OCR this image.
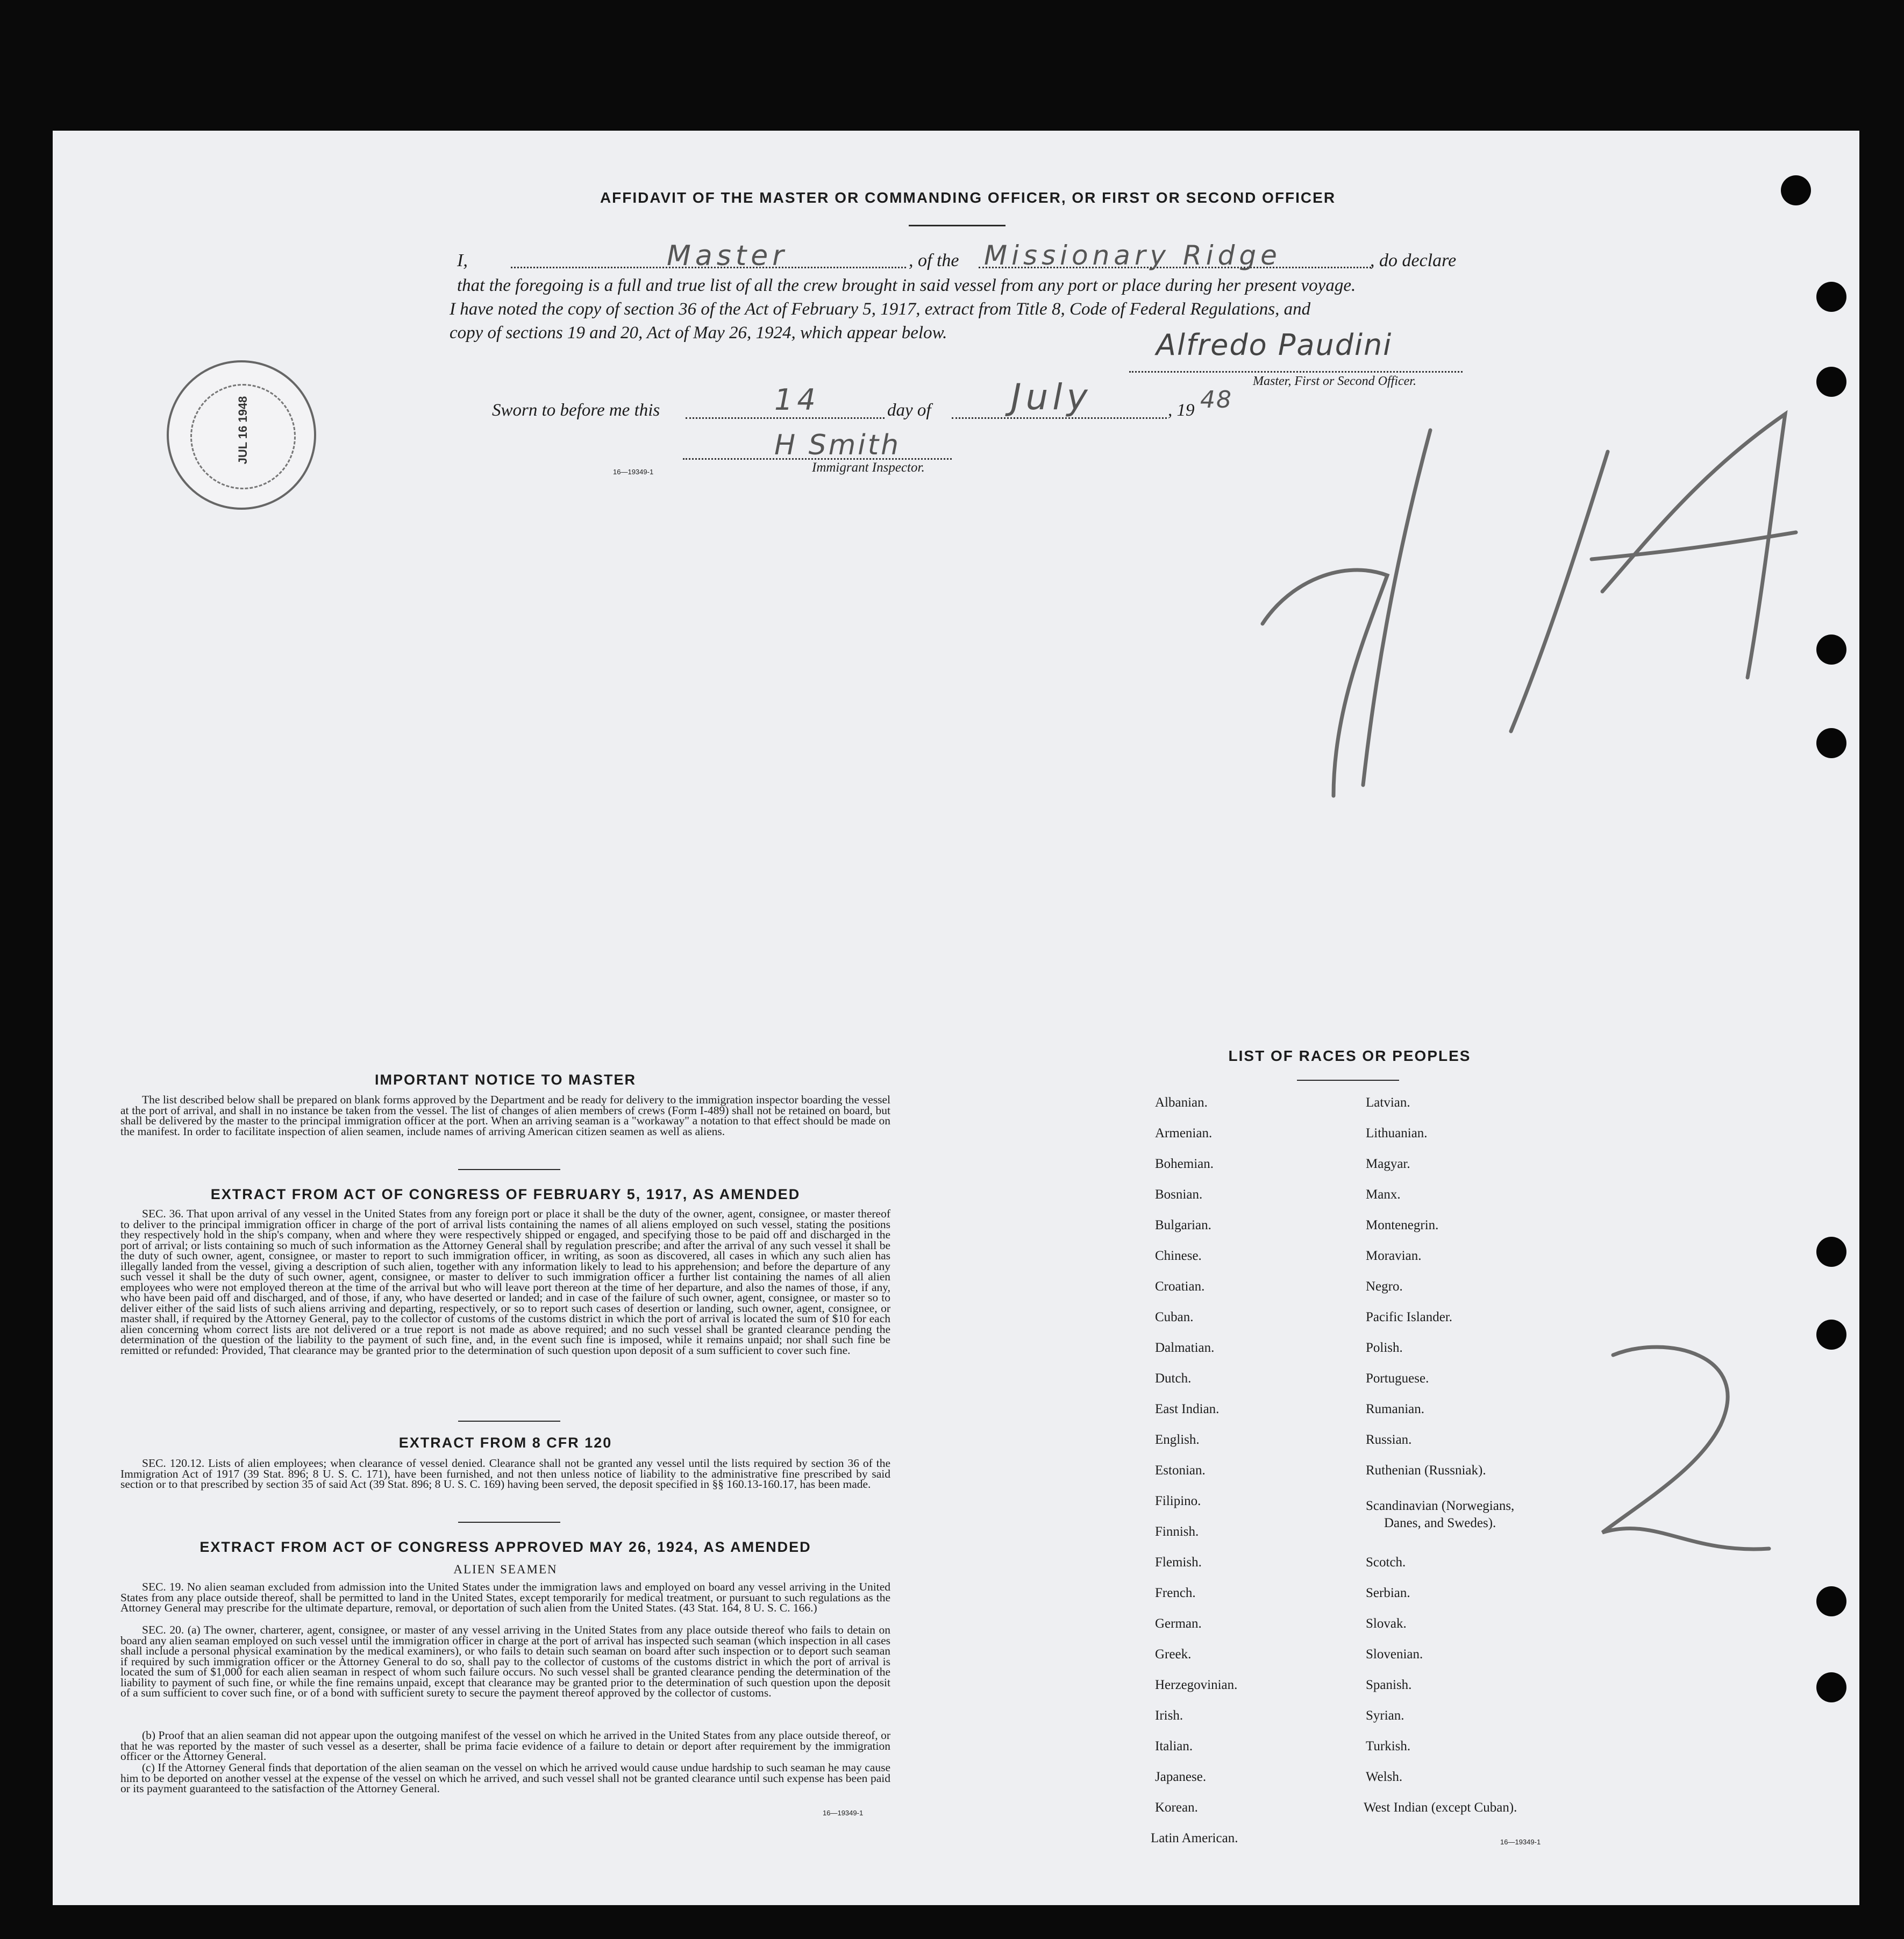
AFFIDAVIT OF THE MASTER OR COMMANDING OFFICER, OR FIRST OR SECOND OFFICER
I,	Master	, of the Missionary Ridge	, do declare
that the foregoing is a full and true list of all the crew brought in said vessel from any port or place during her present voyage.
I have noted the copy of section 36 of the Act of February 5, 1917, extract from Title 8, Code of Federal Regulations, and
copy of sections 19 and 20, Act of May 26, 1924, which appear below.	Alfredo Paudini
Master, First or Second Officer.
Sworn to before me this	14	day of July	, 19 48
H Smith
Immigrant Inspector.
16—19349-1
JUL 16 1948
IMPORTANT NOTICE TO MASTER
The list described below shall be prepared on blank forms approved by the Department and be ready for delivery to the immigration inspector boarding the vessel at the port of arrival, and shall in no instance be taken from the vessel. The list of changes of alien members of crews (Form I-489) shall not be retained on board, but shall be delivered by the master to the principal immigration officer at the port. When an arriving seaman is a "workaway" a notation to that effect should be made on the manifest. In order to facilitate inspection of alien seamen, include names of arriving American citizen seamen as well as aliens.
EXTRACT FROM ACT OF CONGRESS OF FEBRUARY 5, 1917, AS AMENDED
SEC. 36. That upon arrival of any vessel in the United States from any foreign port or place it shall be the duty of the owner, agent, consignee, or master thereof to deliver to the principal immigration officer in charge of the port of arrival lists containing the names of all aliens employed on such vessel, stating the positions they respectively hold in the ship's company, when and where they were respectively shipped or engaged, and specifying those to be paid off and discharged in the port of arrival; or lists containing so much of such information as the Attorney General shall by regulation prescribe; and after the arrival of any such vessel it shall be the duty of such owner, agent, consignee, or master to report to such immigration officer, in writing, as soon as discovered, all cases in which any such alien has illegally landed from the vessel, giving a description of such alien, together with any information likely to lead to his apprehension; and before the departure of any such vessel it shall be the duty of such owner, agent, consignee, or master to deliver to such immigration officer a further list containing the names of all alien employees who were not employed thereon at the time of the arrival but who will leave port thereon at the time of her departure, and also the names of those, if any, who have been paid off and discharged, and of those, if any, who have deserted or landed; and in case of the failure of such owner, agent, consignee, or master so to deliver either of the said lists of such aliens arriving and departing, respectively, or so to report such cases of desertion or landing, such owner, agent, consignee, or master shall, if required by the Attorney General, pay to the collector of customs of the customs district in which the port of arrival is located the sum of $10 for each alien concerning whom correct lists are not delivered or a true report is not made as above required; and no such vessel shall be granted clearance pending the determination of the question of the liability to the payment of such fine, and, in the event such fine is imposed, while it remains unpaid; nor shall such fine be remitted or refunded: Provided, That clearance may be granted prior to the determination of such question upon deposit of a sum sufficient to cover such fine.
EXTRACT FROM 8 CFR 120
SEC. 120.12. Lists of alien employees; when clearance of vessel denied. Clearance shall not be granted any vessel until the lists required by section 36 of the Immigration Act of 1917 (39 Stat. 896; 8 U. S. C. 171), have been furnished, and not then unless notice of liability to the administrative fine prescribed by said section or to that prescribed by section 35 of said Act (39 Stat. 896; 8 U. S. C. 169) having been served, the deposit specified in §§ 160.13-160.17, has been made.
EXTRACT FROM ACT OF CONGRESS APPROVED MAY 26, 1924, AS AMENDED
ALIEN SEAMEN
SEC. 19. No alien seaman excluded from admission into the United States under the immigration laws and employed on board any vessel arriving in the United States from any place outside thereof, shall be permitted to land in the United States, except temporarily for medical treatment, or pursuant to such regulations as the Attorney General may prescribe for the ultimate departure, removal, or deportation of such alien from the United States. (43 Stat. 164, 8 U. S. C. 166.)
SEC. 20. (a) The owner, charterer, agent, consignee, or master of any vessel arriving in the United States from any place outside thereof who fails to detain on board any alien seaman employed on such vessel until the immigration officer in charge at the port of arrival has inspected such seaman (which inspection in all cases shall include a personal physical examination by the medical examiners), or who fails to detain such seaman on board after such inspection or to deport such seaman if required by such immigration officer or the Attorney General to do so, shall pay to the collector of customs of the customs district in which the port of arrival is located the sum of $1,000 for each alien seaman in respect of whom such failure occurs. No such vessel shall be granted clearance pending the determination of the liability to payment of such fine, or while the fine remains unpaid, except that clearance may be granted prior to the determination of such question upon the deposit of a sum sufficient to cover such fine, or of a bond with sufficient surety to secure the payment thereof approved by the collector of customs.
(b) Proof that an alien seaman did not appear upon the outgoing manifest of the vessel on which he arrived in the United States from any place outside thereof, or that he was reported by the master of such vessel as a deserter, shall be prima facie evidence of a failure to detain or deport after requirement by the immigration officer or the Attorney General.
(c) If the Attorney General finds that deportation of the alien seaman on the vessel on which he arrived would cause undue hardship to such seaman he may cause him to be deported on another vessel at the expense of the vessel on which he arrived, and such vessel shall not be granted clearance until such expense has been paid or its payment guaranteed to the satisfaction of the Attorney General.
16—19349-1
LIST OF RACES OR PEOPLES
Albanian.
Armenian.
Bohemian.
Bosnian.
Bulgarian.
Chinese.
Croatian.
Cuban.
Dalmatian.
Dutch.
East Indian.
English.
Estonian.
Filipino.
Finnish.
Flemish.
French.
German.
Greek.
Herzegovinian.
Irish.
Italian.
Japanese.
Korean.
Latin American.
Latvian.
Lithuanian.
Magyar.
Manx.
Montenegrin.
Moravian.
Negro.
Pacific Islander.
Polish.
Portuguese.
Rumanian.
Russian.
Ruthenian (Russniak).
Scandinavian (Norwegians,
Danes, and Swedes).
Scotch.
Serbian.
Slovak.
Slovenian.
Spanish.
Syrian.
Turkish.
Welsh.
West Indian (except Cuban).
16—19349-1
